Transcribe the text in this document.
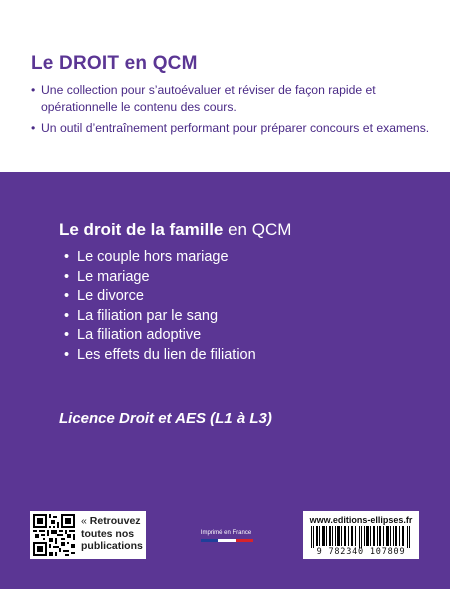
Le DROIT en QCM
• Une collection pour s’autoévaluer et réviser de façon rapide et opérationnelle le contenu des cours.
• Un outil d’entraînement performant pour préparer concours et examens.
Le droit de la famille en QCM
• Le couple hors mariage
• Le mariage
• Le divorce
• La filiation par le sang
• La filiation adoptive
• Les effets du lien de filiation
Licence Droit et AES (L1 à L3)
« Retrouvez
toutes nos
publications
Imprimé en France
www.editions-ellipses.fr
9 782340 107809
